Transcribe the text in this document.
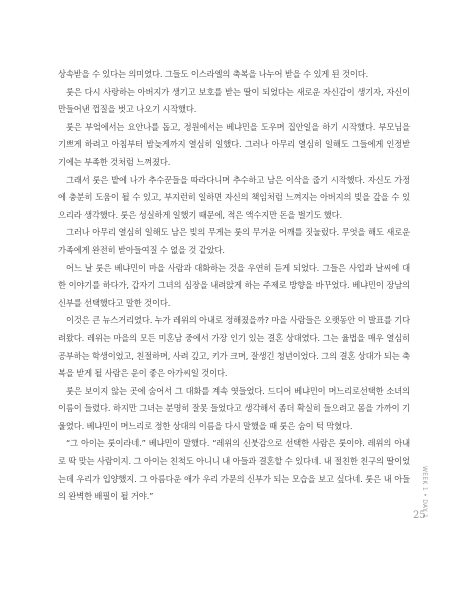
상속받을 수 있다는 의미였다. 그들도 이스라엘의 축복을 나누어 받을 수 있게 된 것이다.

룻은 다시 사랑하는 아버지가 생기고 보호를 받는 딸이 되었다는 새로운 자신감이 생기자, 자신이 만들어낸 껍질을 벗고 나오기 시작했다.

룻은 부엌에서는 요안나를 돕고, 정원에서는 베냐민을 도우며 집안일을 하기 시작했다. 부모님을 기쁘게 하려고 아침부터 밤늦게까지 열심히 일했다. 그러나 아무리 열심히 일해도 그들에게 인정받기에는 부족한 것처럼 느껴졌다.

그래서 룻은 밭에 나가 추수꾼들을 따라다니며 추수하고 남은 이삭을 줍기 시작했다. 자신도 가정에 충분히 도움이 될 수 있고, 부지런히 일하면 자신의 책임처럼 느껴지는 아버지의 빚을 갚을 수 있으리라 생각했다. 룻은 성실하게 일했기 때문에, 적은 액수지만 돈을 벌기도 했다.

그러나 아무리 열심히 일해도 남은 빚의 무게는 룻의 무거운 어깨를 짓눌렀다. 무엇을 해도 새로운 가족에게 완전히 받아들여질 수 없을 것 같았다.

어느 날 룻은 베냐민이 마을 사람과 대화하는 것을 우연히 듣게 되었다. 그들은 사업과 날씨에 대한 이야기를 하다가, 갑자기 그녀의 심장을 내려앉게 하는 주제로 방향을 바꾸었다. 베냐민이 장남의 신부를 선택했다고 말한 것이다.

이것은 큰 뉴스거리였다. 누가 레위의 아내로 정해졌을까? 마을 사람들은 오랫동안 이 발표를 기다려왔다. 레위는 마을의 모든 미혼남 중에서 가장 인기 있는 결혼 상대였다. 그는 율법을 매우 열심히 공부하는 학생이었고, 친절하며, 사려 깊고, 키가 크며, 잘생긴 청년이었다. 그의 결혼 상대가 되는 축복을 받게 될 사람은 운이 좋은 아가씨일 것이다.

룻은 보이지 않는 곳에 숨어서 그 대화를 계속 엿들었다. 드디어 베냐민이 며느리로선택한 소녀의 이름이 들렸다. 하지만 그녀는 분명히 잘못 들었다고 생각해서 좀더 확실히 들으려고 몸을 가까이 기울였다. 베냐민이 며느리로 정한 상대의 이름을 다시 말했을 때 룻은 숨이 턱 막혔다.

“그 아이는 룻이라네.” 베냐민이 말했다. “레위의 신붓감으로 선택한 사람은 룻이야. 레위의 아내로 딱 맞는 사람이지. 그 아이는 친척도 아니니 내 아들과 결혼할 수 있다네. 내 절친한 친구의 딸이었는데 우리가 입양했지. 그 아름다운 애가 우리 가문의 신부가 되는 모습을 보고 싶다네. 룻은 내 아들의 완벽한 배필이 될 거야.”	WEEK 1 • DAY 1
25
